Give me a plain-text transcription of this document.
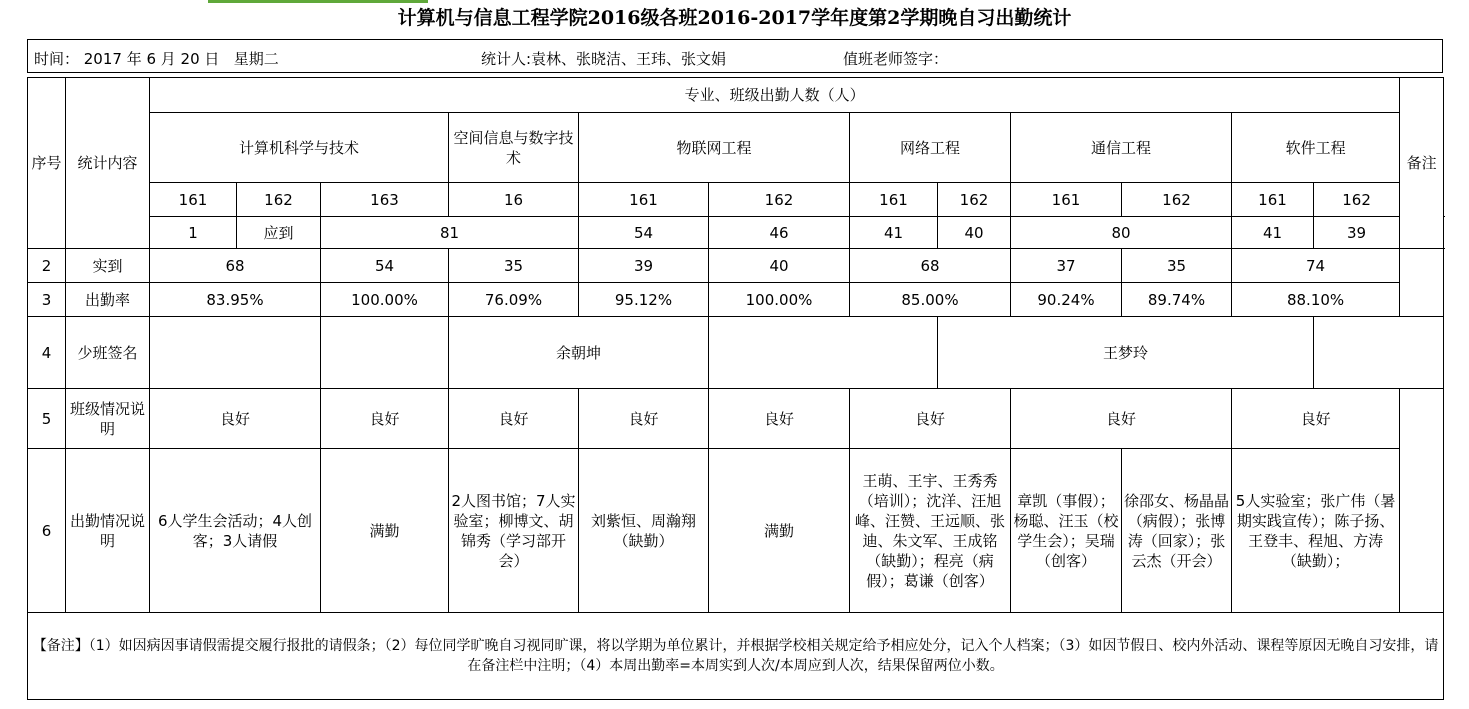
计算机与信息工程学院2016级各班2016-2017学年度第2学期晚自习出勤统计
时间： 2017 年 6 月 20 日   星期二	统计人:袁林、张晓洁、王玮、张文娟	值班老师签字：
序号	统计内容	专业、班级出勤人数（人）												备注	
		计算机科学与技术			空间信息与数字技术	物联网工程		网络工程		通信工程		软件工程			
		161	162	163	16	161	162	161	162	161	162	161	162		
		1	应到	81		54	46	41	40	80		41	39		
2	实到	68		54	35	39	40	68		37	35	74			
3	出勤率	83.95%		100.00%	76.09%	95.12%	100.00%	85.00%		90.24%	89.74%	88.10%			
4	少班签名				余朝坤				王梦玲						
5	班级情况说明	良好		良好	良好	良好	良好	良好		良好		良好			
6	出勤情况说明	6人学生会活动；4人创客；3人请假		满勤	2人图书馆；7人实验室；柳博文、胡锦秀（学习部开会）	刘紫恒、周瀚翔（缺勤）	满勤	王萌、王宇、王秀秀（培训）；沈洋、汪旭峰、汪赞、王远顺、张迪、朱文军、王成铭（缺勤）；程亮（病假）；葛谦（创客）		章凯（事假）；杨聪、汪玉（校学生会）；吴瑞（创客）	徐邵女、杨晶晶（病假）；张博涛（回家）；张云杰（开会）	5人实验室；张广伟（暑期实践宣传）；陈子扬、王登丰、程旭、方涛（缺勤）；			
【备注】（1）如因病因事请假需提交履行报批的请假条；（2）每位同学旷晚自习视同旷课，将以学期为单位累计，并根据学校相关规定给予相应处分，记入个人档案；（3）如因节假日、校内外活动、课程等原因无晚自习安排，请在备注栏中注明；（4）本周出勤率=本周实到人次/本周应到人次，结果保留两位小数。															
